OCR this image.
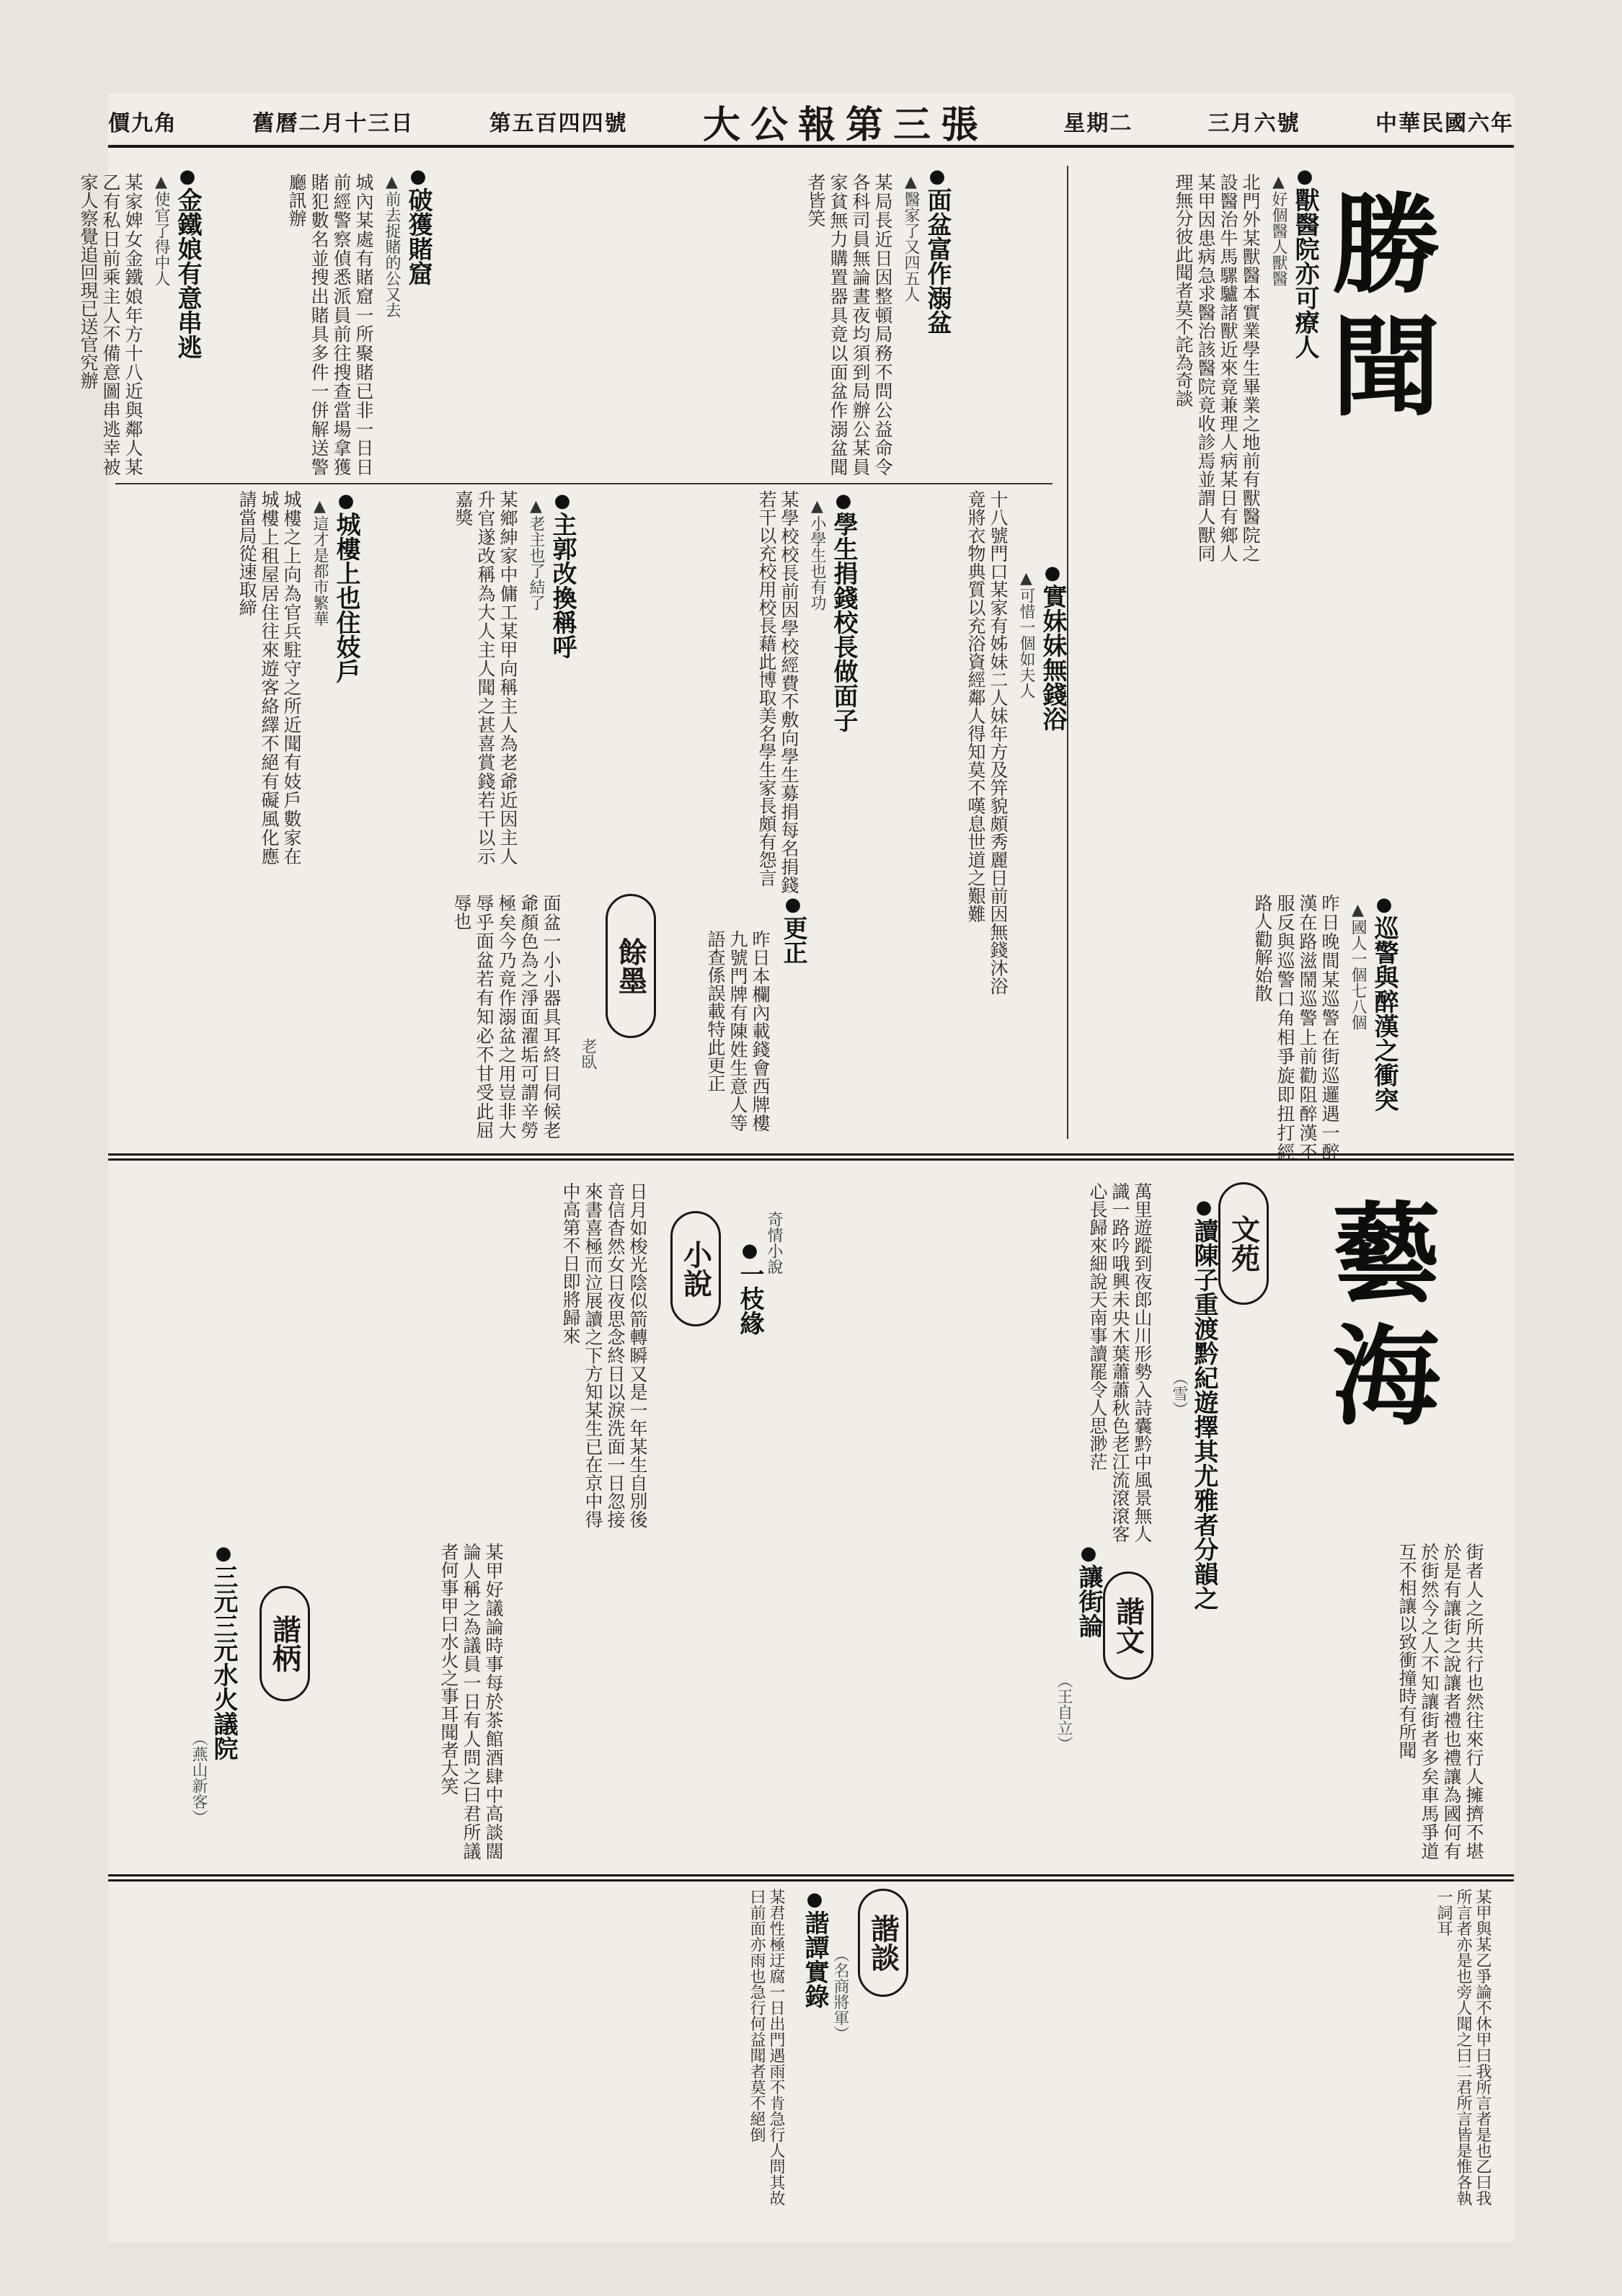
價九角	舊曆二月十三日	第五百四四號 大公報第三張	星期二	三月六號	中華民國六年
勝聞
● 獸醫院亦可療人
▲好個醫人獸醫
北門外某獸醫本實業學生畢業之地前有獸醫院之設醫治牛馬騾驢諸獸近來竟兼理人病某日有鄉人某甲因患病急求醫治該醫院竟收診焉並謂人獸同理無分彼此聞者莫不詫為奇談
● 實妹妹無錢浴
▲可惜一個如夫人
十八號門口某家有姊妹二人妹年方及笄貌頗秀麗日前因無錢沐浴竟將衣物典質以充浴資經鄰人得知莫不嘆息世道之艱難
● 巡警與醉漢之衝突
▲國人一個七八個
昨日晚間某巡警在街巡邏遇一醉漢在路滋鬧巡警上前勸阻醉漢不服反與巡警口角相爭旋即扭打經路人勸解始散
● 面盆富作溺盆
▲醫家了又四五人
某局長近日因整頓局務不問公益命令各科司員無論晝夜均須到局辦公某員家貧無力購置器具竟以面盆作溺盆聞者皆笑
● 學生捐錢校長做面子
▲小學生也有功
某學校校長前因學校經費不敷向學生募捐每名捐錢若干以充校用校長藉此博取美名學生家長頗有怨言
● 破獲賭窟
▲前去捉賭的公又去
城內某處有賭窟一所聚賭已非一日日前經警察偵悉派員前往搜查當場拿獲賭犯數名並搜出賭具多件一併解送警廳訊辦
● 主郭改換稱呼
▲老主也了結了
某鄉紳家中傭工某甲向稱主人為老爺近因主人升官遂改稱為大人主人聞之甚喜賞錢若干以示嘉獎
● 城樓上也住妓戶
▲這才是都市繁華
城樓之上向為官兵駐守之所近聞有妓戶數家在城樓上租屋居住往來遊客絡繹不絕有礙風化應請當局從速取締
● 金鐵娘有意串逃
▲使官了得中人
某家婢女金鐵娘年方十八近與鄰人某乙有私日前乘主人不備意圖串逃幸被家人察覺追回現已送官究辦
餘墨
老臥
面盆一小小器具耳終日伺候老爺顏色為之淨面濯垢可謂辛勞極矣今乃竟作溺盆之用豈非大辱乎面盆若有知必不甘受此屈辱也
● 更正
昨日本欄內載錢會西牌樓九號門牌有陳姓生意人等語查係誤載特此更正
藝海
文苑
● 讀陳子重渡黔紀遊擇其尤雅者分韻之
（雪）
萬里遊蹤到夜郎山川形勢入詩囊黔中風景無人識一路吟哦興未央木葉蕭蕭秋色老江流滾滾客心長歸來細說天南事讀罷令人思渺茫
小說	奇情小說
● 一枝緣
日月如梭光陰似箭轉瞬又是一年某生自別後音信杳然女日夜思念終日以淚洗面一日忽接來書喜極而泣展讀之下方知某生已在京中得中高第不日即將歸來
諧文
● 讓街論
（王自立）	街者人之所共行也然往來行人擁擠不堪於是有讓街之說讓者禮也禮讓為國何有於街然今之人不知讓街者多矣車馬爭道互不相讓以致衝撞時有所聞
諧柄
● 三元三元水火議院
（燕山新客）	某甲好議論時事每於茶館酒肆中高談闊論人稱之為議員一日有人問之曰君所議者何事甲曰水火之事耳聞者大笑
諧談
（名商將軍）	某甲與某乙爭論不休甲曰我所言者是也乙曰我所言者亦是也旁人聞之曰二君所言皆是惟各執一詞耳
● 諧譚實錄
某君性極迂腐一日出門遇雨不肯急行人問其故曰前面亦雨也急行何益聞者莫不絕倒
